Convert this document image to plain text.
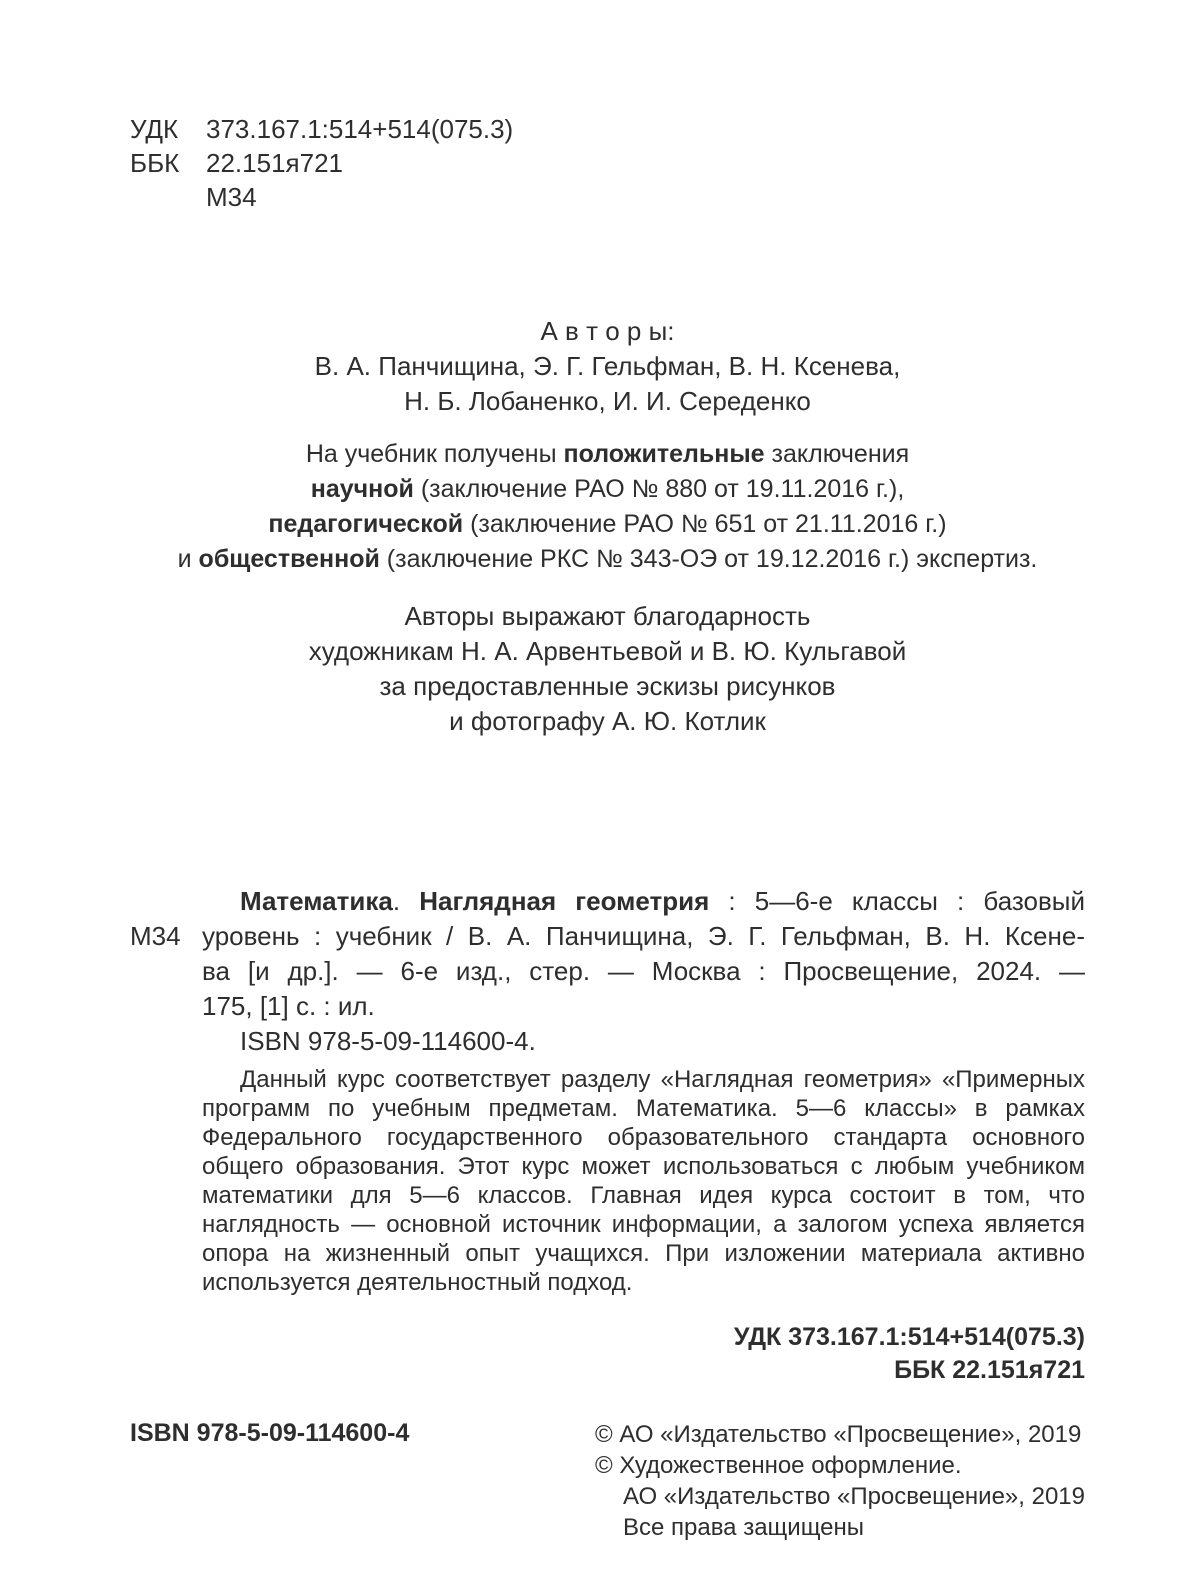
УДК	373.167.1:514+514(075.3)
ББК	22.151я721
М34

А в т о р ы:

В. А. Панчищина, Э. Г. Гельфман, В. Н. Ксенева,

Н. Б. Лобаненко, И. И. Середенко

На учебник получены положительные заключения

научной (заключение РАО № 880 от 19.11.2016 г.),

педагогической (заключение РАО № 651 от 21.11.2016 г.)

и общественной (заключение РКС № 343-ОЭ от 19.12.2016 г.) экспертиз.

Авторы выражают благодарность

художникам Н. А. Арвентьевой и В. Ю. Кульгавой

за предоставленные эскизы рисунков

и фотографу А. Ю. Котлик

М34

Математика. Наглядная геометрия : 5—6-е классы : базовый

уровень : учебник / В. А. Панчищина, Э. Г. Гельфман, В. Н. Ксене-

ва [и др.]. — 6-е изд., стер. — Москва : Просвещение, 2024. —

175, [1] с. : ил.

ISBN 978-5-09-114600-4.

Данный курс соответствует разделу «Наглядная геометрия» «Примерных программ по учебным предметам. Математика. 5—6 классы» в рамках Федерального государственного образовательного стандарта основного общего образования. Этот курс может использоваться с любым учебником математики для 5—6 классов. Главная идея курса состоит в том, что наглядность — основной источник информации, а залогом успеха является опора на жизненный опыт учащихся. При изложении материала активно используется деятельностный подход.

УДК 373.167.1:514+514(075.3)
ББК 22.151я721
ISBN 978-5-09-114600-4	© АО «Издательство «Просвещение», 2019

© Художественное оформление.

АО «Издательство «Просвещение», 2019

Все права защищены
